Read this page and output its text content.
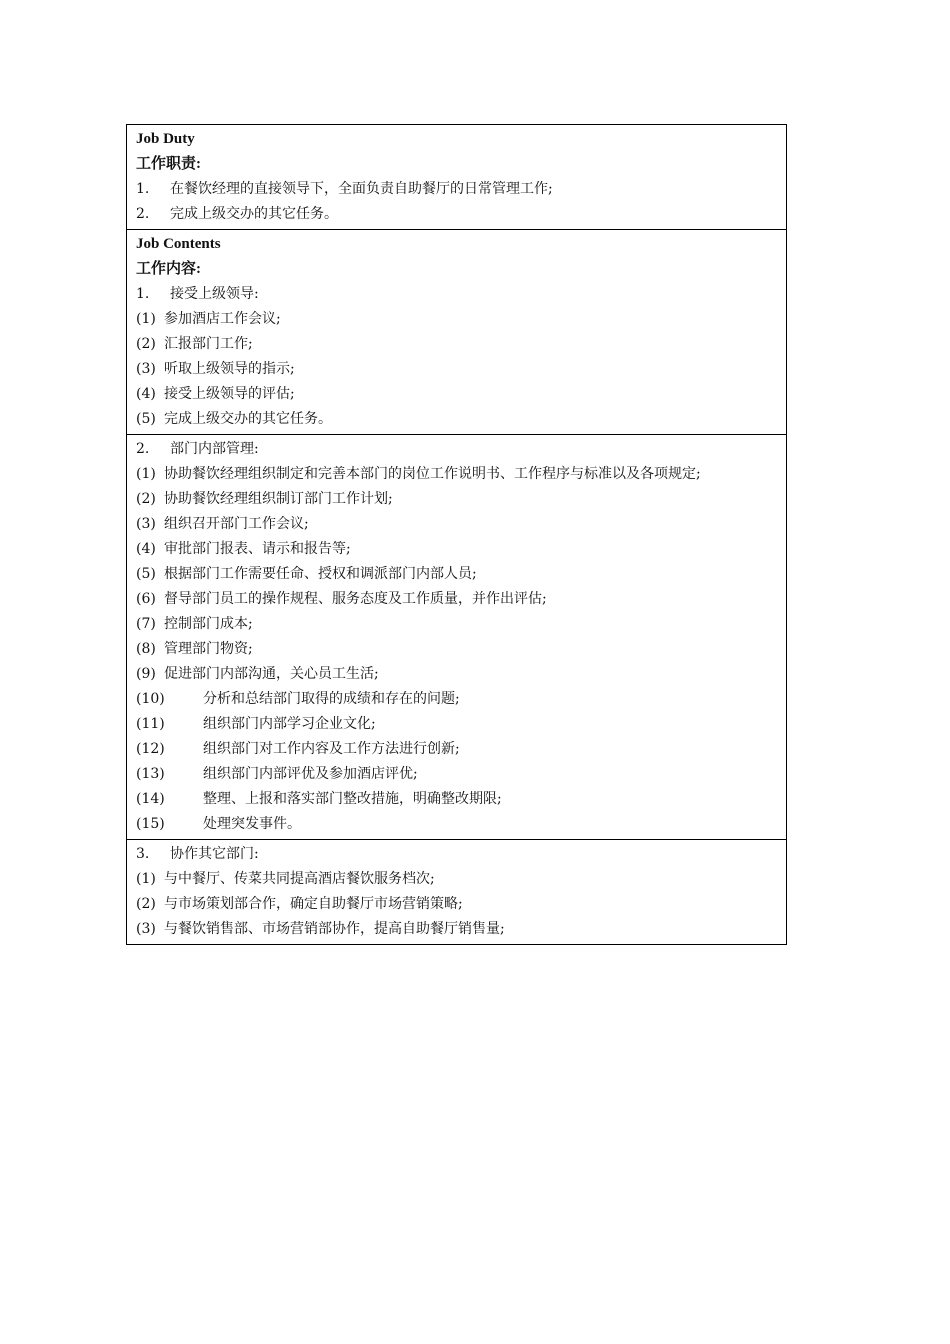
Job Duty
工作职责:
1.	在餐饮经理的直接领导下，全面负责自助餐厅的日常管理工作;
2.	完成上级交办的其它任务。
Job Contents
工作内容:
1.	接受上级领导:
(1) 参加酒店工作会议;
(2) 汇报部门工作;
(3) 听取上级领导的指示;
(4) 接受上级领导的评估;
(5) 完成上级交办的其它任务。
2.	部门内部管理:
(1) 协助餐饮经理组织制定和完善本部门的岗位工作说明书、工作程序与标准以及各项规定;
(2) 协助餐饮经理组织制订部门工作计划;
(3) 组织召开部门工作会议;
(4) 审批部门报表、请示和报告等;
(5) 根据部门工作需要任命、授权和调派部门内部人员;
(6) 督导部门员工的操作规程、服务态度及工作质量，并作出评估;
(7) 控制部门成本;
(8) 管理部门物资;
(9) 促进部门内部沟通，关心员工生活;
(10)	分析和总结部门取得的成绩和存在的问题;
(11)	组织部门内部学习企业文化;
(12)	组织部门对工作内容及工作方法进行创新;
(13)	组织部门内部评优及参加酒店评优;
(14)	整理、上报和落实部门整改措施，明确整改期限;
(15)	处理突发事件。
3.	协作其它部门:
(1) 与中餐厅、传菜共同提高酒店餐饮服务档次;
(2) 与市场策划部合作，确定自助餐厅市场营销策略;
(3) 与餐饮销售部、市场营销部协作，提高自助餐厅销售量;
